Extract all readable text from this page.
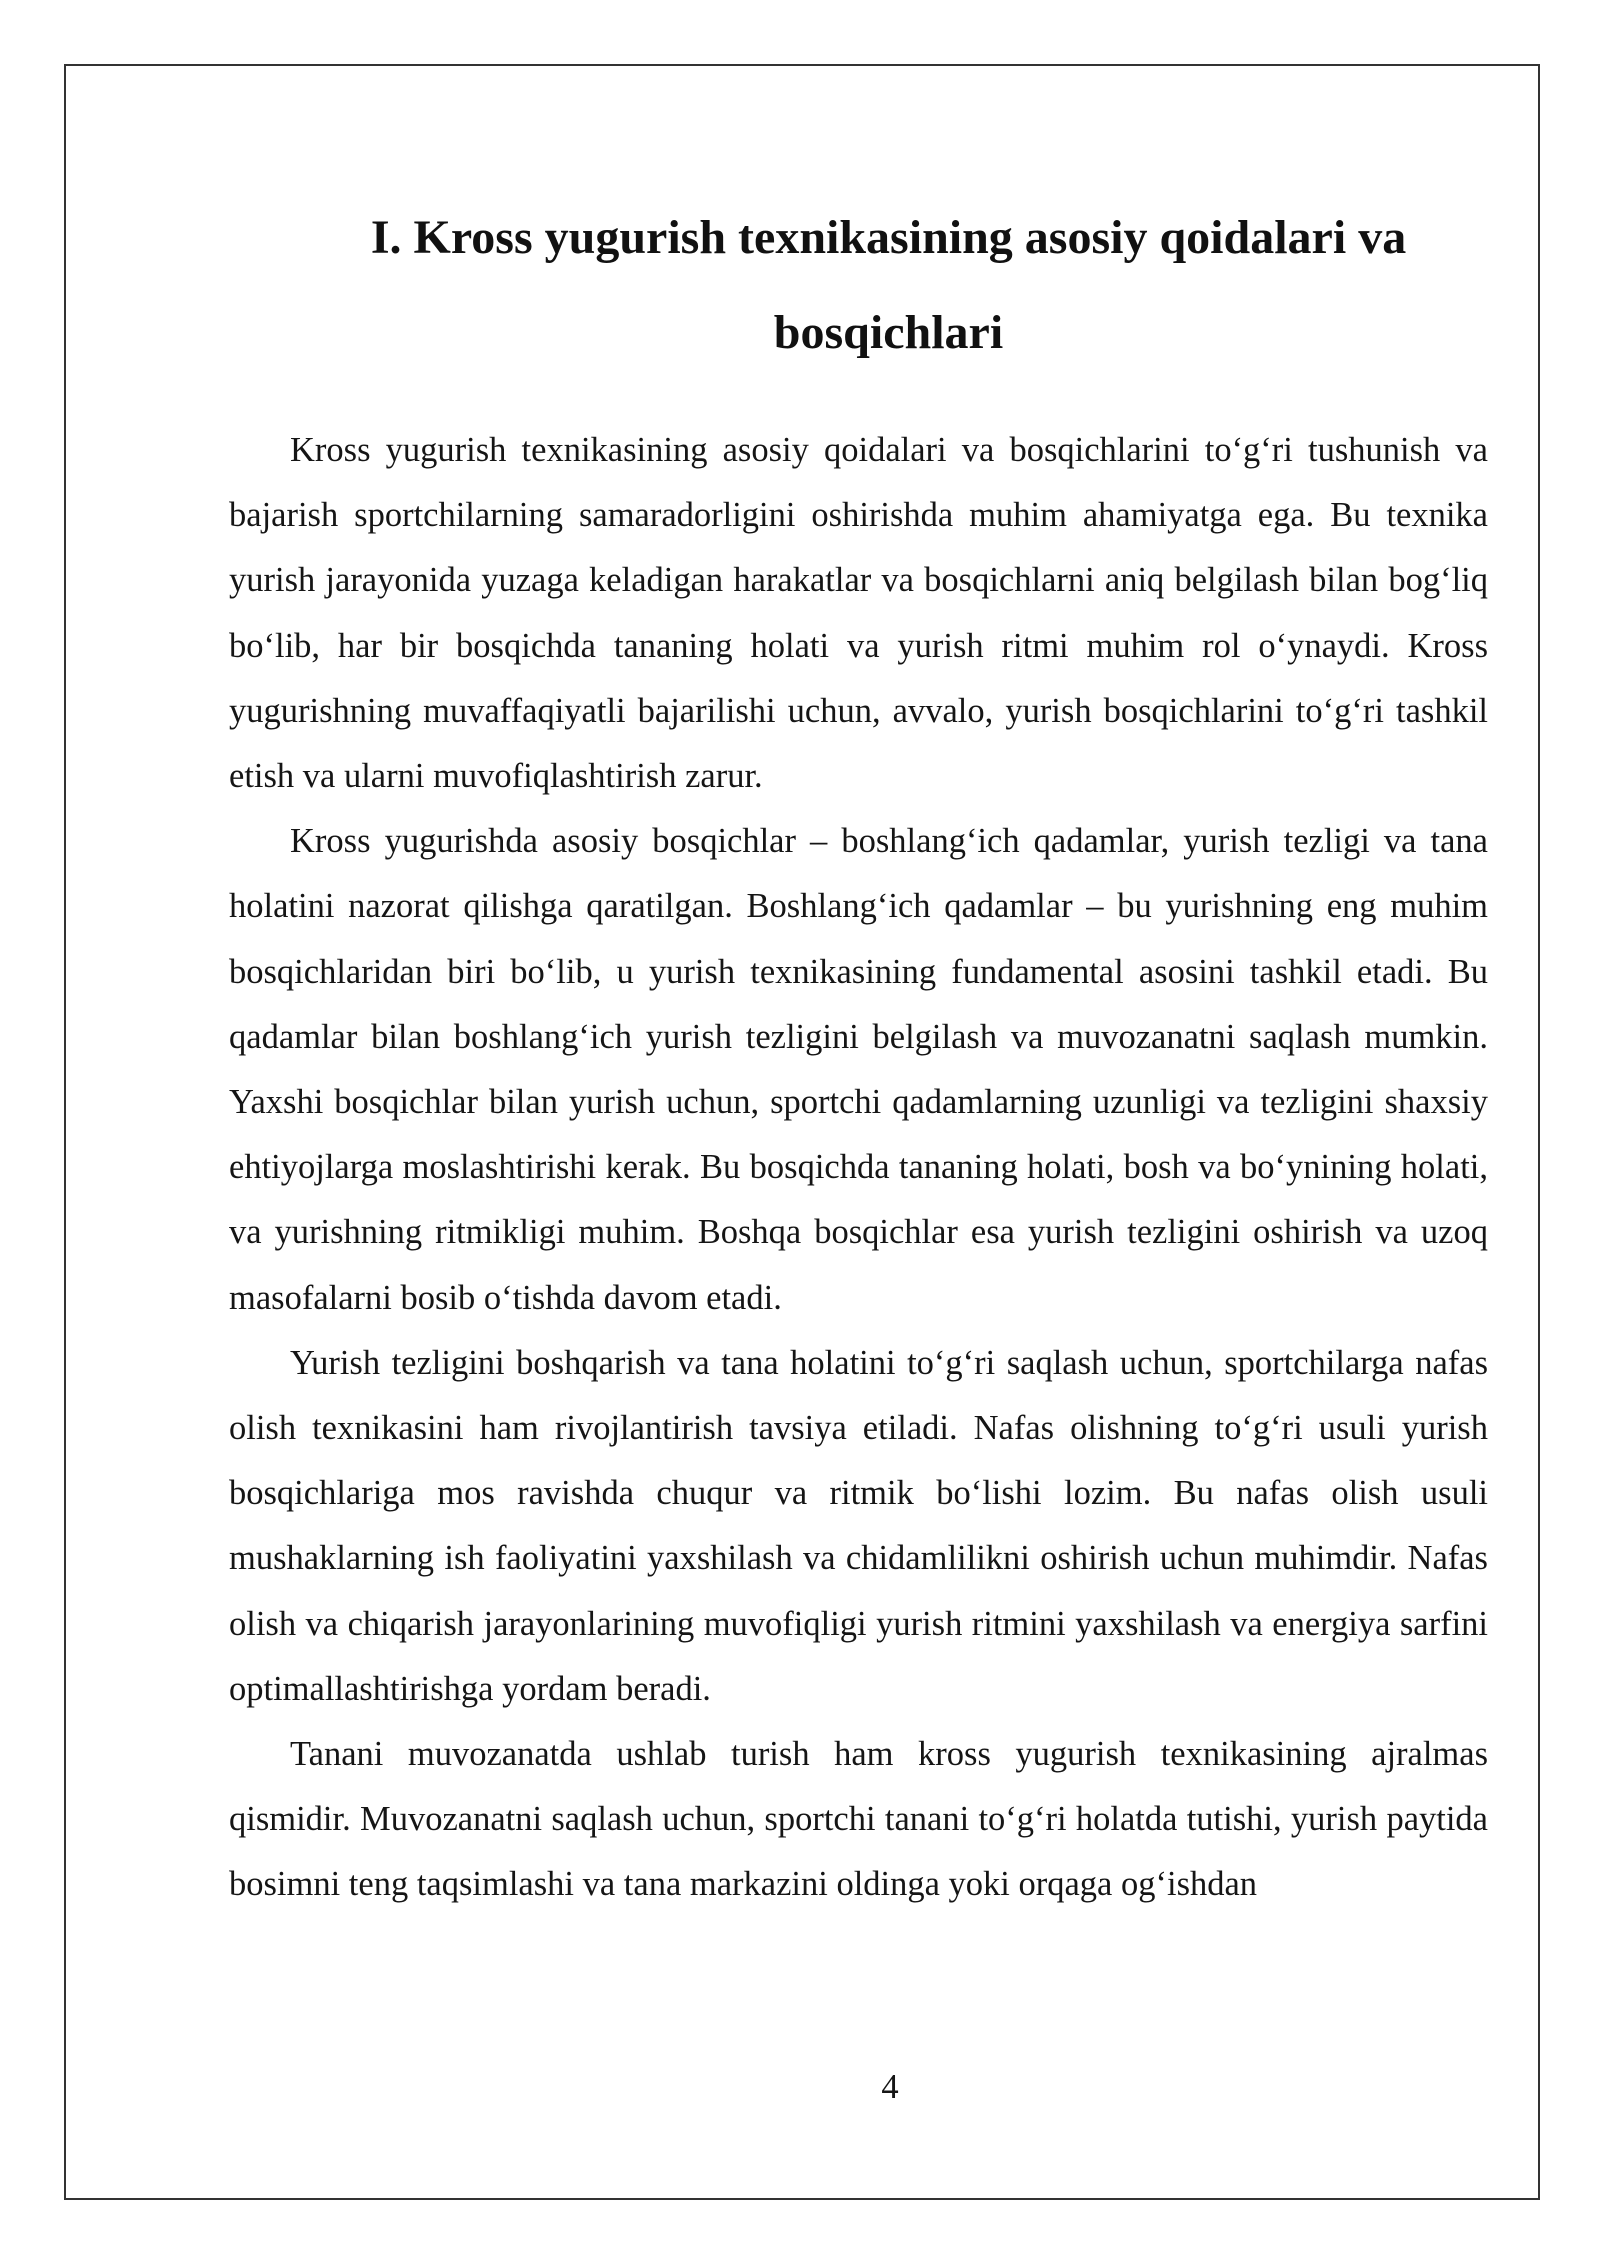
I. Kross yugurish texnikasining asosiy qoidalari va bosqichlari

Kross yugurish texnikasining asosiy qoidalari va bosqichlarini to‘g‘ri tushunish va bajarish sportchilarning samaradorligini oshirishda muhim ahamiyatga ega. Bu texnika yurish jarayonida yuzaga keladigan harakatlar va bosqichlarni aniq belgilash bilan bog‘liq bo‘lib, har bir bosqichda tananing holati va yurish ritmi muhim rol o‘ynaydi. Kross yugurishning muvaffaqiyatli bajarilishi uchun, avvalo, yurish bosqichlarini to‘g‘ri tashkil etish va ularni muvofiqlashtirish zarur.

Kross yugurishda asosiy bosqichlar – boshlang‘ich qadamlar, yurish tezligi va tana holatini nazorat qilishga qaratilgan. Boshlang‘ich qadamlar – bu yurishning eng muhim bosqichlaridan biri bo‘lib, u yurish texnikasining fundamental asosini tashkil etadi. Bu qadamlar bilan boshlang‘ich yurish tezligini belgilash va muvozanatni saqlash mumkin. Yaxshi bosqichlar bilan yurish uchun, sportchi qadamlarning uzunligi va tezligini shaxsiy ehtiyojlarga moslashtirishi kerak. Bu bosqichda tananing holati, bosh va bo‘ynining holati, va yurishning ritmikligi muhim. Boshqa bosqichlar esa yurish tezligini oshirish va uzoq masofalarni bosib o‘tishda davom etadi.

Yurish tezligini boshqarish va tana holatini to‘g‘ri saqlash uchun, sportchilarga nafas olish texnikasini ham rivojlantirish tavsiya etiladi. Nafas olishning to‘g‘ri usuli yurish bosqichlariga mos ravishda chuqur va ritmik bo‘lishi lozim. Bu nafas olish usuli mushaklarning ish faoliyatini yaxshilash va chidamlilikni oshirish uchun muhimdir. Nafas olish va chiqarish jarayonlarining muvofiqligi yurish ritmini yaxshilash va energiya sarfini optimallashtirishga yordam beradi.

Tanani muvozanatda ushlab turish ham kross yugurish texnikasining ajralmas qismidir. Muvozanatni saqlash uchun, sportchi tanani to‘g‘ri holatda tutishi, yurish paytida bosimni teng taqsimlashi va tana markazini oldinga yoki orqaga og‘ishdan

4
